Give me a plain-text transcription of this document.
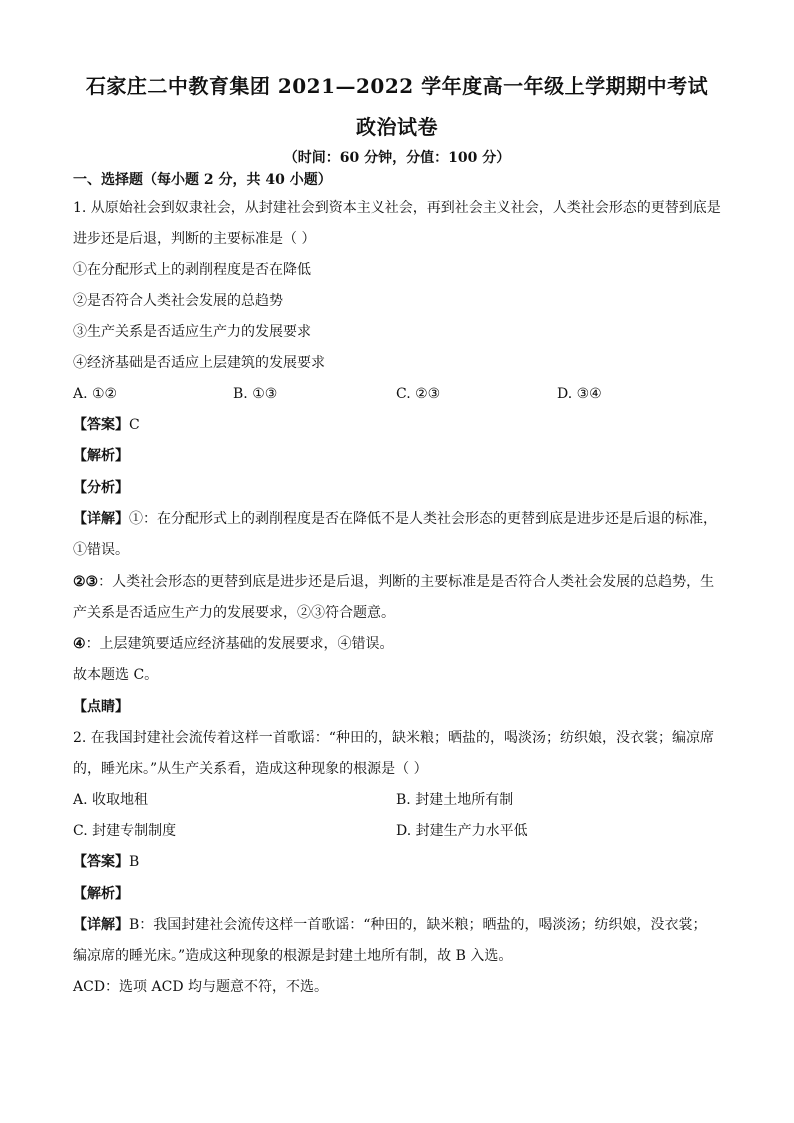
石家庄二中教育集团 2021—2022 学年度高一年级上学期期中考试
政治试卷
（时间：60 分钟，分值：100 分）
一、选择题（每小题 2 分，共 40 小题）
1. 从原始社会到奴隶社会，从封建社会到资本主义社会，再到社会主义社会，人类社会形态的更替到底是
进步还是后退，判断的主要标准是（ ）
①在分配形式上的剥削程度是否在降低
②是否符合人类社会发展的总趋势
③生产关系是否适应生产力的发展要求
④经济基础是否适应上层建筑的发展要求
A. ①②	B. ①③	C. ②③	D. ③④
【答案】C
【解析】
【分析】
【详解】①：在分配形式上的剥削程度是否在降低不是人类社会形态的更替到底是进步还是后退的标准，
①错误。
②③：人类社会形态的更替到底是进步还是后退，判断的主要标准是是否符合人类社会发展的总趋势，生
产关系是否适应生产力的发展要求，②③符合题意。
④：上层建筑要适应经济基础的发展要求，④错误。
故本题选 C。
【点睛】
2. 在我国封建社会流传着这样一首歌谣：“种田的，缺米粮；晒盐的，喝淡汤；纺织娘，没衣裳；编凉席
的，睡光床。”从生产关系看，造成这种现象的根源是（ ）
A. 收取地租	B. 封建土地所有制
C. 封建专制制度	D. 封建生产力水平低
【答案】B
【解析】
【详解】B：我国封建社会流传这样一首歌谣：“种田的，缺米粮；晒盐的，喝淡汤；纺织娘，没衣裳；
编凉席的睡光床。”造成这种现象的根源是封建土地所有制，故 B 入选。
ACD：选项 ACD 均与题意不符，不选。
